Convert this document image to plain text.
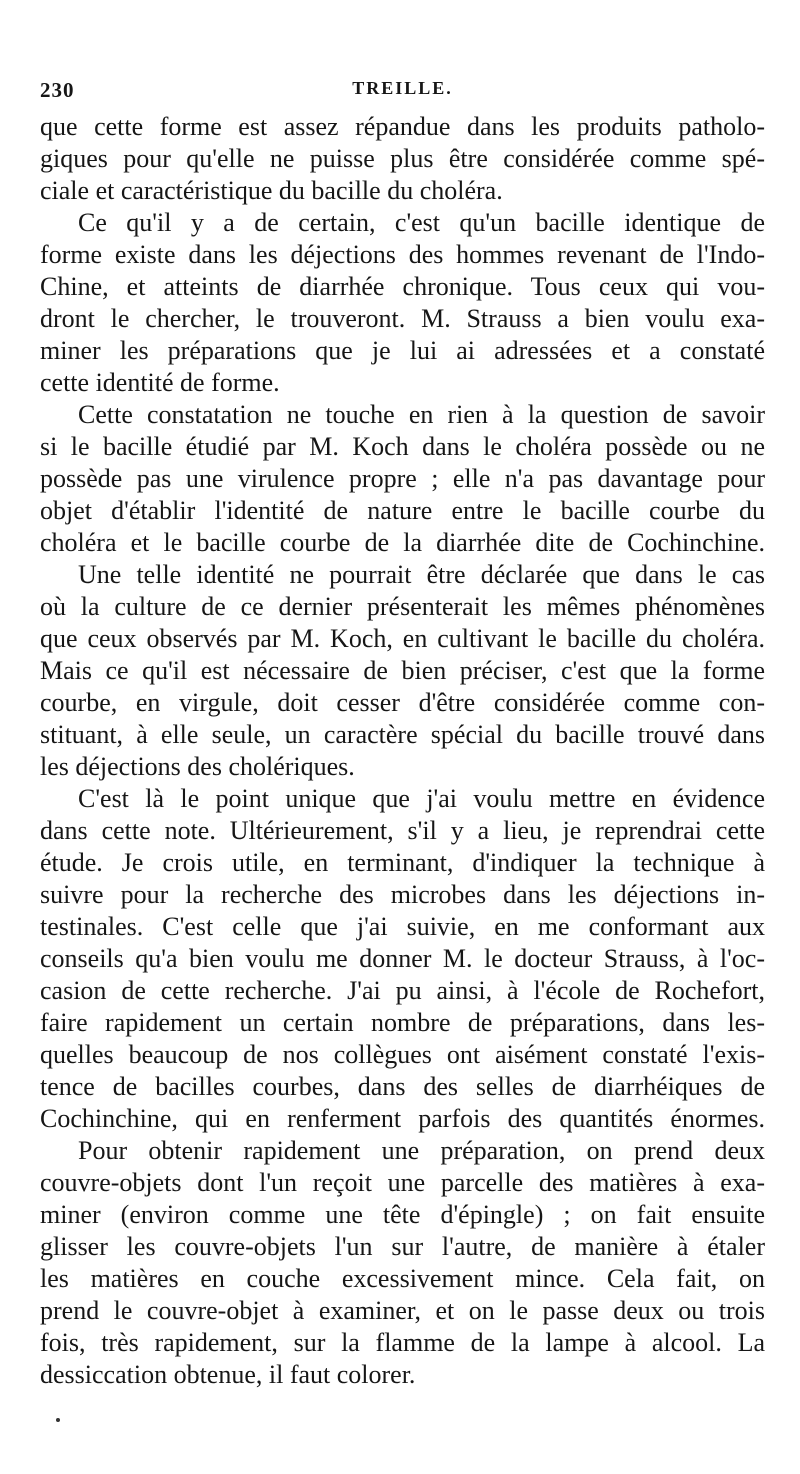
230	TREILLE.
que cette forme est assez répandue dans les produits patholo-
giques pour qu'elle ne puisse plus être considérée comme spé-
ciale et caractéristique du bacille du choléra.
Ce qu'il y a de certain, c'est qu'un bacille identique de
forme existe dans les déjections des hommes revenant de l'Indo-
Chine, et atteints de diarrhée chronique. Tous ceux qui vou-
dront le chercher, le trouveront. M. Strauss a bien voulu exa-
miner les préparations que je lui ai adressées et a constaté
cette identité de forme.
Cette constatation ne touche en rien à la question de savoir
si le bacille étudié par M. Koch dans le choléra possède ou ne
possède pas une virulence propre ; elle n'a pas davantage pour
objet d'établir l'identité de nature entre le bacille courbe du
choléra et le bacille courbe de la diarrhée dite de Cochinchine.
Une telle identité ne pourrait être déclarée que dans le cas
où la culture de ce dernier présenterait les mêmes phénomènes
que ceux observés par M. Koch, en cultivant le bacille du choléra.
Mais ce qu'il est nécessaire de bien préciser, c'est que la forme
courbe, en virgule, doit cesser d'être considérée comme con-
stituant, à elle seule, un caractère spécial du bacille trouvé dans
les déjections des cholériques.
C'est là le point unique que j'ai voulu mettre en évidence
dans cette note. Ultérieurement, s'il y a lieu, je reprendrai cette
étude. Je crois utile, en terminant, d'indiquer la technique à
suivre pour la recherche des microbes dans les déjections in-
testinales. C'est celle que j'ai suivie, en me conformant aux
conseils qu'a bien voulu me donner M. le docteur Strauss, à l'oc-
casion de cette recherche. J'ai pu ainsi, à l'école de Rochefort,
faire rapidement un certain nombre de préparations, dans les-
quelles beaucoup de nos collègues ont aisément constaté l'exis-
tence de bacilles courbes, dans des selles de diarrhéiques de
Cochinchine, qui en renferment parfois des quantités énormes.
Pour obtenir rapidement une préparation, on prend deux
couvre-objets dont l'un reçoit une parcelle des matières à exa-
miner (environ comme une tête d'épingle) ; on fait ensuite
glisser les couvre-objets l'un sur l'autre, de manière à étaler
les matières en couche excessivement mince. Cela fait, on
prend le couvre-objet à examiner, et on le passe deux ou trois
fois, très rapidement, sur la flamme de la lampe à alcool. La
dessiccation obtenue, il faut colorer.
